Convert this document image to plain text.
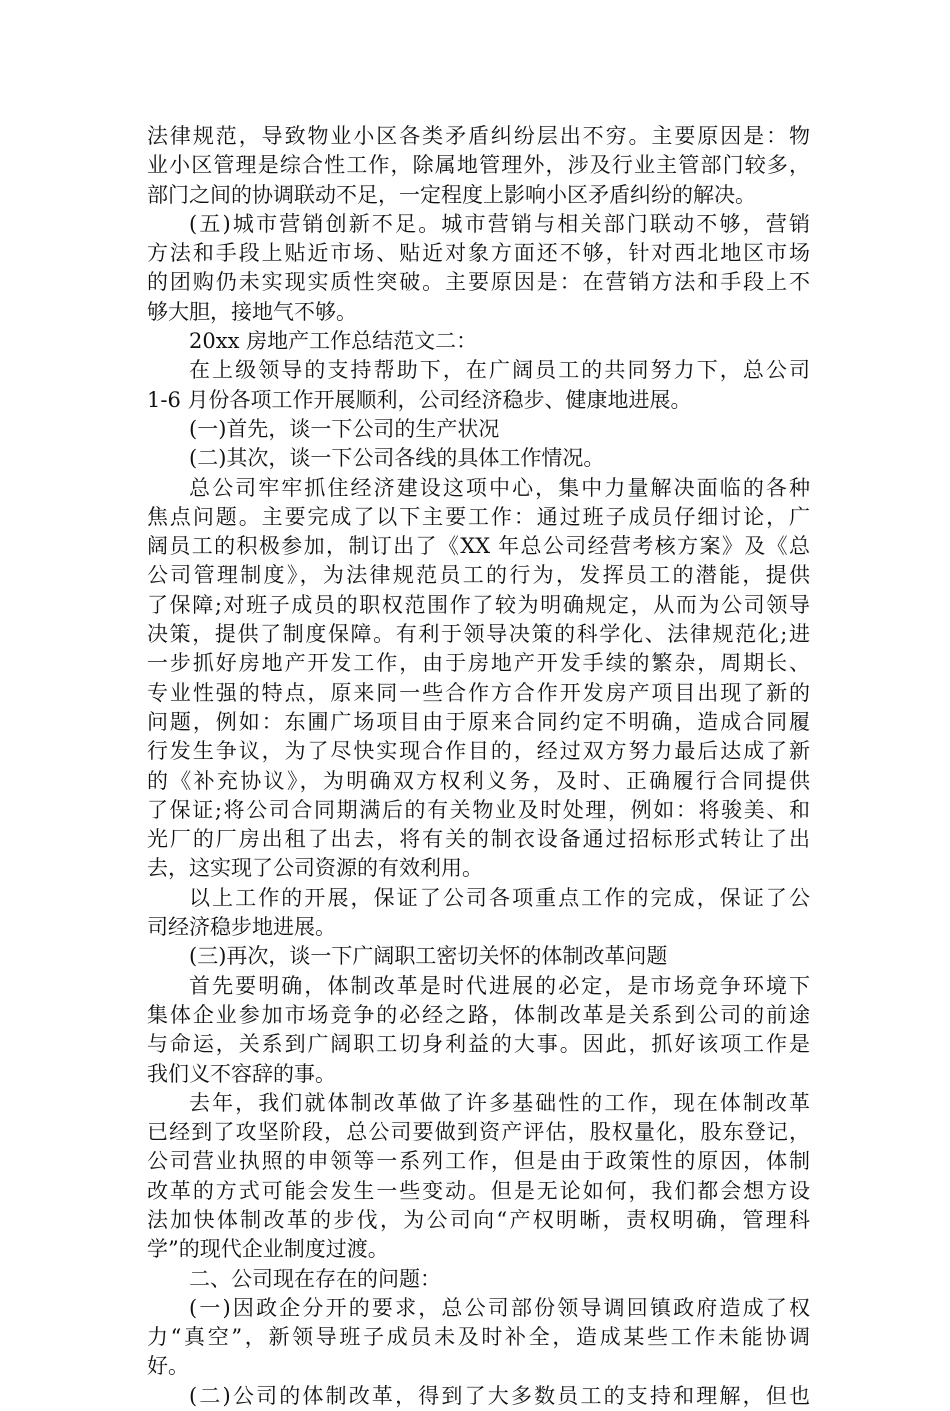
法律规范，导致物业小区各类矛盾纠纷层出不穷。主要原因是：物
业小区管理是综合性工作，除属地管理外，涉及行业主管部门较多，
部门之间的协调联动不足，一定程度上影响小区矛盾纠纷的解决。
(五)城市营销创新不足。城市营销与相关部门联动不够，营销
方法和手段上贴近市场、贴近对象方面还不够，针对西北地区市场
的团购仍未实现实质性突破。主要原因是：在营销方法和手段上不
够大胆，接地气不够。
20xx 房地产工作总结范文二：
在上级领导的支持帮助下，在广阔员工的共同努力下，总公司
1-6 月份各项工作开展顺利，公司经济稳步、健康地进展。
(一)首先，谈一下公司的生产状况
(二)其次，谈一下公司各线的具体工作情况。
总公司牢牢抓住经济建设这项中心，集中力量解决面临的各种
焦点问题。主要完成了以下主要工作：通过班子成员仔细讨论，广
阔员工的积极参加，制订出了《XX 年总公司经营考核方案》及《总
公司管理制度》，为法律规范员工的行为，发挥员工的潜能，提供
了保障;对班子成员的职权范围作了较为明确规定，从而为公司领导
决策，提供了制度保障。有利于领导决策的科学化、法律规范化;进
一步抓好房地产开发工作，由于房地产开发手续的繁杂，周期长、
专业性强的特点，原来同一些合作方合作开发房产项目出现了新的
问题，例如：东圃广场项目由于原来合同约定不明确，造成合同履
行发生争议，为了尽快实现合作目的，经过双方努力最后达成了新
的《补充协议》，为明确双方权利义务，及时、正确履行合同提供
了保证;将公司合同期满后的有关物业及时处理，例如：将骏美、和
光厂的厂房出租了出去，将有关的制衣设备通过招标形式转让了出
去，这实现了公司资源的有效利用。
以上工作的开展，保证了公司各项重点工作的完成，保证了公
司经济稳步地进展。
(三)再次，谈一下广阔职工密切关怀的体制改革问题
首先要明确，体制改革是时代进展的必定，是市场竞争环境下
集体企业参加市场竞争的必经之路，体制改革是关系到公司的前途
与命运，关系到广阔职工切身利益的大事。因此，抓好该项工作是
我们义不容辞的事。
去年，我们就体制改革做了许多基础性的工作，现在体制改革
已经到了攻坚阶段，总公司要做到资产评估，股权量化，股东登记，
公司营业执照的申领等一系列工作，但是由于政策性的原因，体制
改革的方式可能会发生一些变动。但是无论如何，我们都会想方设
法加快体制改革的步伐，为公司向“产权明晰，责权明确，管理科
学”的现代企业制度过渡。
二、公司现在存在的问题：
(一)因政企分开的要求，总公司部份领导调回镇政府造成了权
力“真空”，新领导班子成员未及时补全，造成某些工作未能协调
好。
(二)公司的体制改革，得到了大多数员工的支持和理解，但也
